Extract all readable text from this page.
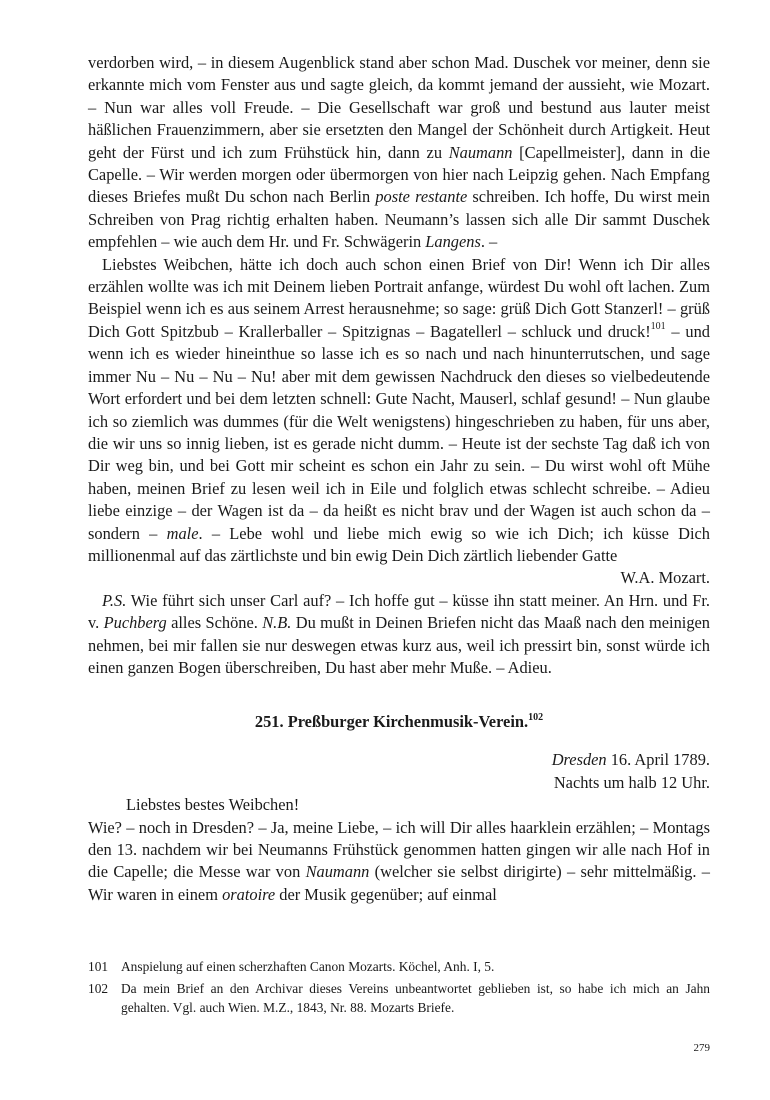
verdorben wird, – in diesem Augenblick stand aber schon Mad. Duschek vor meiner, denn sie erkannte mich vom Fenster aus und sagte gleich, da kommt jemand der aussieht, wie Mozart. – Nun war alles voll Freude. – Die Gesellschaft war groß und bestund aus lauter meist häßlichen Frauenzimmern, aber sie ersetzten den Mangel der Schönheit durch Artigkeit. Heut geht der Fürst und ich zum Frühstück hin, dann zu Naumann [Capellmeister], dann in die Capelle. – Wir werden morgen oder übermorgen von hier nach Leipzig gehen. Nach Empfang dieses Briefes mußt Du schon nach Berlin poste restante schreiben. Ich hoffe, Du wirst mein Schreiben von Prag richtig erhalten haben. Neumann’s lassen sich alle Dir sammt Duschek empfehlen – wie auch dem Hr. und Fr. Schwägerin Langens. –

Liebstes Weibchen, hätte ich doch auch schon einen Brief von Dir! Wenn ich Dir alles erzählen wollte was ich mit Deinem lieben Portrait anfange, würdest Du wohl oft lachen. Zum Beispiel wenn ich es aus seinem Arrest herausnehme; so sage: grüß Dich Gott Stanzerl! – grüß Dich Gott Spitzbub – Krallerballer – Spitzignas – Bagatellerl – schluck und druck!$^{101}$ – und wenn ich es wieder hineinthue so lasse ich es so nach und nach hinunterrutschen, und sage immer Nu – Nu – Nu – Nu! aber mit dem gewissen Nachdruck den dieses so vielbedeutende Wort erfordert und bei dem letzten schnell: Gute Nacht, Mauserl, schlaf gesund! – Nun glaube ich so ziemlich was dummes (für die Welt wenigstens) hingeschrieben zu haben, für uns aber, die wir uns so innig lieben, ist es gerade nicht dumm. – Heute ist der sechste Tag daß ich von Dir weg bin, und bei Gott mir scheint es schon ein Jahr zu sein. – Du wirst wohl oft Mühe haben, meinen Brief zu lesen weil ich in Eile und folglich etwas schlecht schreibe. – Adieu liebe einzige – der Wagen ist da – da heißt es nicht brav und der Wagen ist auch schon da – sondern – male. – Lebe wohl und liebe mich ewig so wie ich Dich; ich küsse Dich millionenmal auf das zärtlichste und bin ewig Dein Dich zärtlich liebender Gatte

W.A. Mozart.

P.S. Wie führt sich unser Carl auf? – Ich hoffe gut – küsse ihn statt meiner. An Hrn. und Fr. v. Puchberg alles Schöne. N.B. Du mußt in Deinen Briefen nicht das Maaß nach den meinigen nehmen, bei mir fallen sie nur deswegen etwas kurz aus, weil ich pressirt bin, sonst würde ich einen ganzen Bogen überschreiben, Du hast aber mehr Muße. – Adieu.

251. Preßburger Kirchenmusik-Verein.$^{102}$

Dresden 16. April 1789.

Nachts um halb 12 Uhr.

Liebstes bestes Weibchen!

Wie? – noch in Dresden? – Ja, meine Liebe, – ich will Dir alles haarklein erzählen; – Montags den 13. nachdem wir bei Neumanns Frühstück genommen hatten gingen wir alle nach Hof in die Capelle; die Messe war von Naumann (welcher sie selbst dirigirte) – sehr mittelmäßig. – Wir waren in einem oratoire der Musik gegenüber; auf einmal

101 Anspielung auf einen scherzhaften Canon Mozarts. Köchel, Anh. I, 5.
102 Da mein Brief an den Archivar dieses Vereins unbeantwortet geblieben ist, so habe ich mich an Jahn gehalten. Vgl. auch Wien. M.Z., 1843, Nr. 88. Mozarts Briefe.
279
